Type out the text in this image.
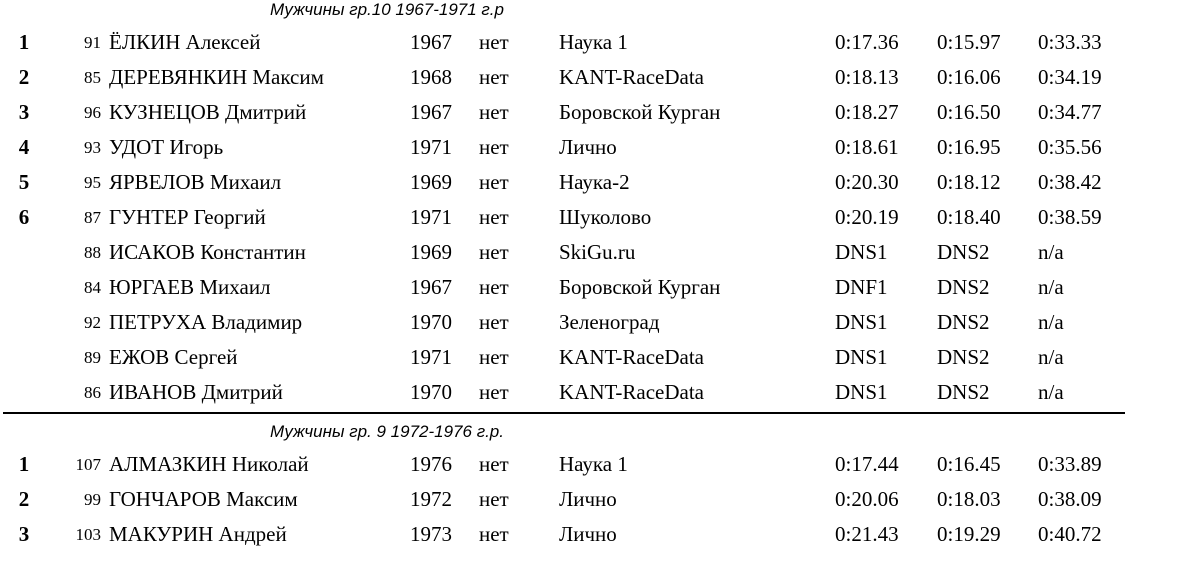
Мужчины гр.10 1967-1971 г.р
1	91 ЁЛКИН Алексей	1967 нет Наука 1	0:17.36 0:15.97 0:33.33
2	85 ДЕРЕВЯНКИН Максим	1968 нет KANT-RaceData	0:18.13 0:16.06 0:34.19
3	96 КУЗНЕЦОВ Дмитрий	1967 нет Боровской Курган	0:18.27 0:16.50 0:34.77
4	93 УДОТ Игорь	1971 нет Лично	0:18.61 0:16.95 0:35.56
5	95 ЯРВЕЛОВ Михаил	1969 нет Наука-2	0:20.30 0:18.12 0:38.42
6	87 ГУНТЕР Георгий	1971 нет Шуколово	0:20.19 0:18.40 0:38.59
88 ИСАКОВ Константин	1969 нет SkiGu.ru	DNS1 DNS2 n/a
84 ЮРГАЕВ Михаил	1967 нет Боровской Курган	DNF1 DNS2 n/a
92 ПЕТРУХА Владимир	1970 нет Зеленоград	DNS1 DNS2 n/a
89 ЕЖОВ Сергей	1971 нет KANT-RaceData	DNS1 DNS2 n/a
86 ИВАНОВ Дмитрий	1970 нет KANT-RaceData	DNS1 DNS2 n/a
Мужчины гр. 9 1972-1976 г.р.
1	107 АЛМАЗКИН Николай	1976 нет Наука 1	0:17.44 0:16.45 0:33.89
2	99 ГОНЧАРОВ Максим	1972 нет Лично	0:20.06 0:18.03 0:38.09
3	103 МАКУРИН Андрей	1973 нет Лично	0:21.43 0:19.29 0:40.72
